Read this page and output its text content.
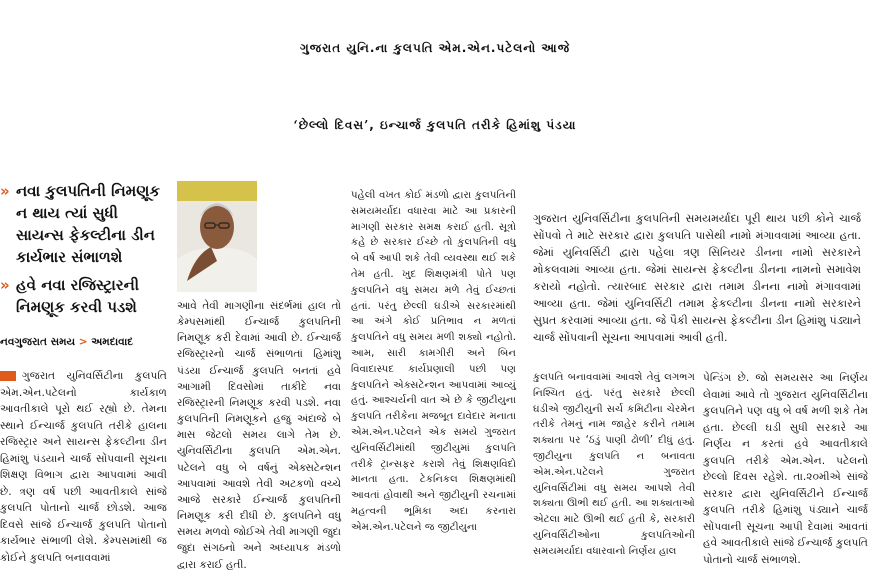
ગુજરાત યુનિ.ના કુલપતિ એમ.એન.પટેલનો આજે
‘છેલ્લો દિવસ’, ઇન્ચાર્જ કુલપતિ તરીકે હિમાંશુ પંડયા
» નવા કુલપતિની નિમણૂક ન થાય ત્યાં સુધી સાયન્સ ફેકલ્ટીના ડીન કાર્યભાર સંભાળશે
» હવે નવા રજિસ્ટ્રારની નિમણૂક કરવી પડશે
નવગુજરાત સમય > અમદાવાદ

ગુજરાત યુનિવર્સિટીના કુલપતિ એમ.એન.પટેલનો કાર્યકાળ આવતીકાલે પૂરો થઈ રહ્યો છે. તેમના સ્થાને ઈન્ચાર્જ કુલપતિ તરીકે હાલના રજિસ્ટ્રાર અને સાયન્સ ફેકલ્ટીના ડીન હિમાંશુ પંડયાને ચાર્જ સોંપવાની સૂચના શિક્ષણ વિભાગ દ્વારા આપવામાં આવી છે. ત્રણ વર્ષ પછી આવતીકાલે સાંજે કુલપતિ પોતાનો ચાર્જ છોડશે. આજ દિવસે સાંજે ઈન્ચાર્જ કુલપતિ પોતાનો કાર્યભાર સંભાળી લેશે. કેમ્પસમાંથી જ કોઈને કુલપતિ બનાવવામાં

આવે તેવી માગણીના સંદર્ભમાં હાલ તો કેમ્પસમાંથી ઈન્ચાર્જ કુલપતિની નિમણૂક કરી દેવામાં આવી છે. ઈન્ચાર્જ રજિસ્ટ્રારનો ચાર્જ સંભાળતાં હિમાંશુ પંડયા ઈન્ચાર્જ કુલપતિ બનતાં હવે આગામી દિવસોમાં તાકીદે નવા રજિસ્ટ્રારની નિમણૂક કરવી પડશે. નવા કુલપતિની નિમણૂકને હજુ અંદાજે બે માસ જેટલો સમય લાગે તેમ છે. યુનિવર્સિટીના કુલપતિ એમ.એન. પટેલને વધુ બે વર્ષનું એક્સટેન્શન આપવામાં આવશે તેવી અટકળો વચ્ચે આજે સરકારે ઈન્ચાર્જ કુલપતિની નિમણૂક કરી દીધી છે. કુલપતિને વધુ સમય મળવો જોઈએ તેવી માગણી જુદા જુદા સંગઠનો અને અધ્યાપક મંડળો દ્વારા કરાઈ હતી.

પહેલી વખત કોઈ મંડળો દ્વારા કુલપતિની સમયમર્યાદા વધારવા માટે આ પ્રકારની માગણી સરકાર સમક્ષ કરાઈ હતી. સૂત્રો કહે છે સરકાર ઈચ્છે તો કુલપતિની વધુ બે વર્ષ આપી શકે તેવી વ્યવસ્થા થઈ શકે તેમ હતી. ખુદ શિક્ષણમંત્રી પોતે પણ કુલપતિને વધુ સમય મળે તેવું ઈચ્છતાં હતાં. પરંતુ છેલ્લી ઘડીએ સરકારમાંથી આ અંગે કોઈ પ્રતિભાવ ન મળતાં કુલપતિને વધુ સમય મળી શક્યો નહોતો. આમ, સારી કામગીરી અને બિન વિવાદાસ્પદ કાર્યપ્રણાલી પછી પણ કુલપતિને એક્સટેન્શન આપવામાં આવ્યું હતું. આશ્ચર્યની વાત એ છે કે જીટીયુના કુલપતિ તરીકેના મજબૂત દાવેદાર મનાતા એમ.એન.પટેલને એક સમયે ગુજરાત યુનિવર્સિટીમાંથી જીટીયુમાં કુલપતિ તરીકે ટ્રાન્સફર કરાશે તેવું શિક્ષણવિદો માનતા હતા. ટેકનિકલ શિક્ષણમાંથી આવતાં હોવાથી અને જીટીયુની રચનામાં મહત્વની ભૂમિકા અદા કરનારા એમ.એન.પટેલને જ જીટીયુના

ગુજરાત યુનિવર્સિટીના કુલપતિની સમયમર્યાદા પૂરી થાય પછી કોને ચાર્જ સોંપવો તે માટે સરકાર દ્વારા કુલપતિ પાસેથી નામો મંગાવવામાં આવ્યા હતા. જેમાં યુનિવર્સિટી દ્વારા પહેલા ત્રણ સિનિયર ડીનના નામો સરકારને મોકલવામાં આવ્યા હતા. જેમાં સાયન્સ ફેકલ્ટીના ડીનના નામનો સમાવેશ કરાયો નહોતો. ત્યારબાદ સરકાર દ્વારા તમામ ડીનના નામો મંગાવવામાં આવ્યા હતા. જેમાં યુનિવર્સિટી તમામ ફેકલ્ટીના ડીનના નામો સરકારને સુપ્રત કરવામાં આવ્યા હતા. જે પૈકી સાયન્સ ફેકલ્ટીના ડીન હિમાંશુ પંડ્યાને ચાર્જ સોંપવાની સૂચના આપવામાં આવી હતી.

કુલપતિ બનાવવામાં આવશે તેવું લગભગ નિશ્ચિત હતું. પરંતુ સરકારે છેલ્લી ઘડીએ જીટીયુની સર્ચ કમિટીના ચેરમેન તરીકે તેમનું નામ જાહેર કરીને તમામ શક્યતા પર ‘ઠંડું પાણી ઢોળી’ દીધું હતું. જીટીયુના કુલપતિ ન બનાવતા એમ.એન.પટેલને ગુજરાત યુનિવર્સિટીમાં વધુ સમય આપશે તેવી શક્યતા ઊભી થઈ હતી. આ શક્યતાઓ એટલા માટે ઊભી થઈ હતી કે, સરકારી યુનિવર્સિટીઓના કુલપતિઓની સમયમર્યાદા વધારવાનો નિર્ણય હાલ

પેન્ડિંગ છે. જો સમયસર આ નિર્ણય લેવામાં આવે તો ગુજરાત યુનિવર્સિટીના કુલપતિને પણ વધુ બે વર્ષ મળી શકે તેમ હતા. છેલ્લી ઘડી સુધી સરકારે આ નિર્ણય ન કરતાં હવે આવતીકાલે કુલપતિ તરીકે એમ.એન. પટેલનો છેલ્લો દિવસ રહેશે. તા.૨૦મીએ સાંજે સરકાર દ્વારા યુનિવર્સિટીને ઈન્ચાર્જ કુલપતિ તરીકે હિમાંશુ પંડ્યાને ચાર્જ સોંપવાની સૂચના આપી દેવામાં આવતાં હવે આવતીકાલે સાંજે ઈન્ચાર્જ કુલપતિ પોતાનો ચાર્જ સંભાળશે.
